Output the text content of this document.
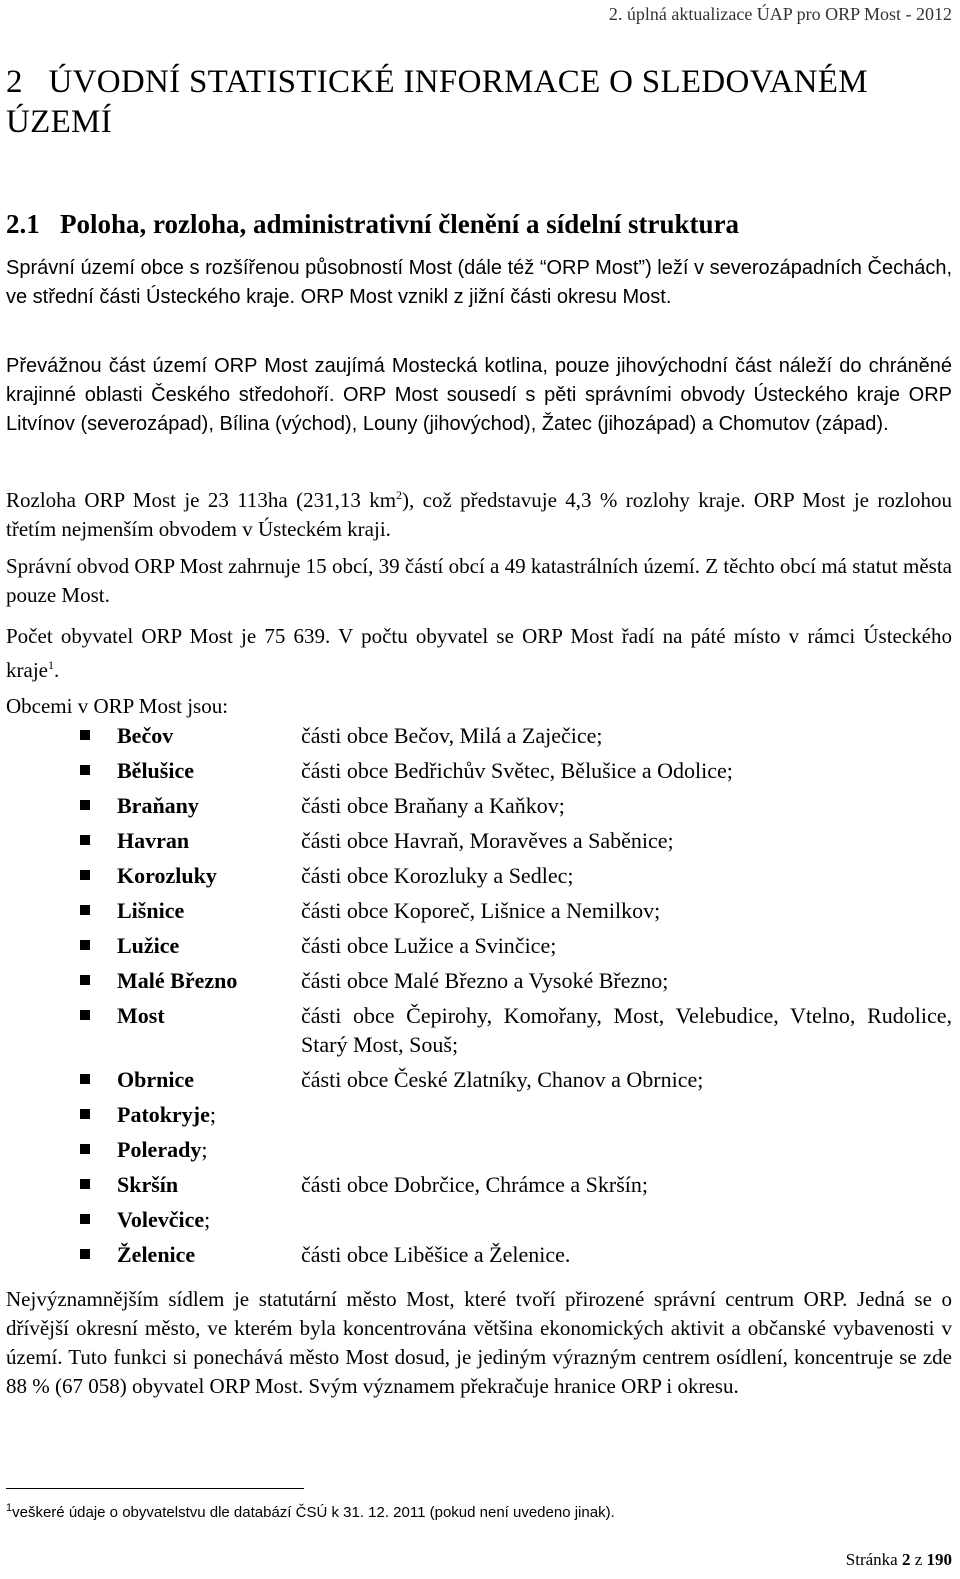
2. úplná aktualizace ÚAP pro ORP Most - 2012
2 ÚVODNÍ STATISTICKÉ INFORMACE O SLEDOVANÉM ÚZEMÍ
2.1 Poloha, rozloha, administrativní členění a sídelní struktura
Správní území obce s rozšířenou působností Most (dále též “ORP Most”) leží v severozápadních Čechách, ve střední části Ústeckého kraje. ORP Most vznikl z jižní části okresu Most.
Převážnou část území ORP Most zaujímá Mostecká kotlina, pouze jihovýchodní část náleží do chráněné krajinné oblasti Českého středohoří. ORP Most sousedí s pěti správními obvody Ústeckého kraje ORP Litvínov (severozápad), Bílina (východ), Louny (jihovýchod), Žatec (jihozápad) a Chomutov (západ).
Rozloha ORP Most je 23 113ha (231,13 km$^2$), což představuje 4,3 % rozlohy kraje. ORP Most je rozlohou třetím nejmenším obvodem v Ústeckém kraji.
Správní obvod ORP Most zahrnuje 15 obcí, 39 částí obcí a 49 katastrálních území. Z těchto obcí má statut města pouze Most.
Počet obyvatel ORP Most je 75 639. V počtu obyvatel se ORP Most řadí na páté místo v rámci Ústeckého kraje$^1$.
Obcemi v ORP Most jsou:
Bečov	části obce Bečov, Milá a Zaječice;
Bělušice	části obce Bedřichův Světec, Bělušice a Odolice;
Braňany	části obce Braňany a Kaňkov;
Havran	části obce Havraň, Moravěves a Saběnice;
Korozluky	části obce Korozluky a Sedlec;
Lišnice	části obce Koporeč, Lišnice a Nemilkov;
Lužice	části obce Lužice a Svinčice;
Malé Březno	části obce Malé Březno a Vysoké Březno;
Most	části obce Čepirohy, Komořany, Most, Velebudice, Vtelno, Rudolice, Starý Most, Souš;
Obrnice	části obce České Zlatníky, Chanov a Obrnice;
Patokryje;
Polerady;
Skršín	části obce Dobrčice, Chrámce a Skršín;
Volevčice;
Želenice	části obce Liběšice a Želenice.
Nejvýznamnějším sídlem je statutární město Most, které tvoří přirozené správní centrum ORP. Jedná se o dřívější okresní město, ve kterém byla koncentrována většina ekonomických aktivit a občanské vybavenosti v území. Tuto funkci si ponechává město Most dosud, je jediným výrazným centrem osídlení, koncentruje se zde 88 % (67 058) obyvatel ORP Most. Svým významem překračuje hranice ORP i okresu.
$^1$veškeré údaje o obyvatelstvu dle databází ČSÚ k 31. 12. 2011 (pokud není uvedeno jinak).
Stránka 2 z 190
